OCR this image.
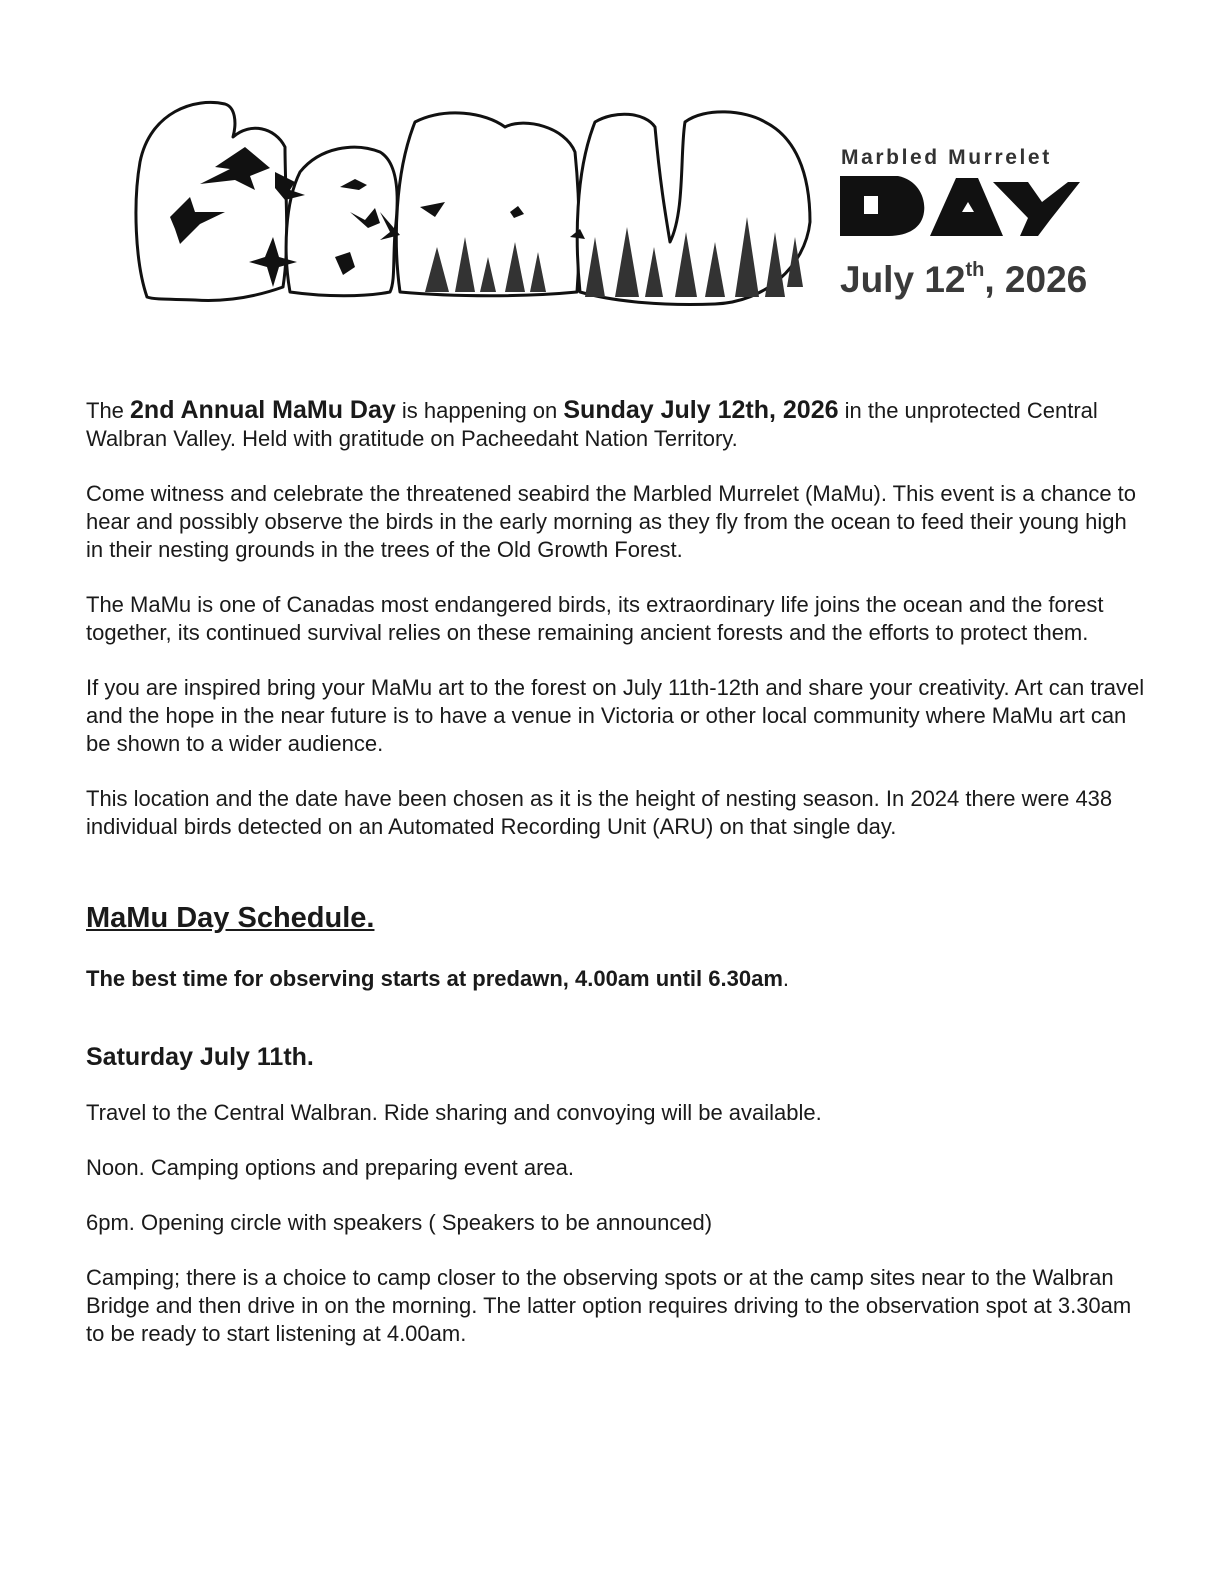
Marbled Murrelet
July 12th, 2026

The 2nd Annual MaMu Day is happening on Sunday July 12th, 2026 in the unprotected Central Walbran Valley. Held with gratitude on Pacheedaht Nation Territory.

Come witness and celebrate the threatened seabird the Marbled Murrelet (MaMu). This event is a chance to hear and possibly observe the birds in the early morning as they fly from the ocean to feed their young high in their nesting grounds in the trees of the Old Growth Forest.

The MaMu is one of Canadas most endangered birds, its extraordinary life joins the ocean and the forest together, its continued survival relies on these remaining ancient forests and the efforts to protect them.

If you are inspired bring your MaMu art to the forest on July 11th-12th and share your creativity. Art can travel and the hope in the near future is to have a venue in Victoria or other local community where MaMu art can be shown to a wider audience.

This location and the date have been chosen as it is the height of nesting season. In 2024 there were 438 individual birds detected on an Automated Recording Unit (ARU) on that single day.

MaMu Day Schedule.

The best time for observing starts at predawn, 4.00am until 6.30am.

Saturday July 11th.

Travel to the Central Walbran. Ride sharing and convoying will be available.

Noon. Camping options and preparing event area.

6pm. Opening circle with speakers ( Speakers to be announced)

Camping; there is a choice to camp closer to the observing spots or at the camp sites near to the Walbran Bridge and then drive in on the morning. The latter option requires driving to the observation spot at 3.30am to be ready to start listening at 4.00am.
